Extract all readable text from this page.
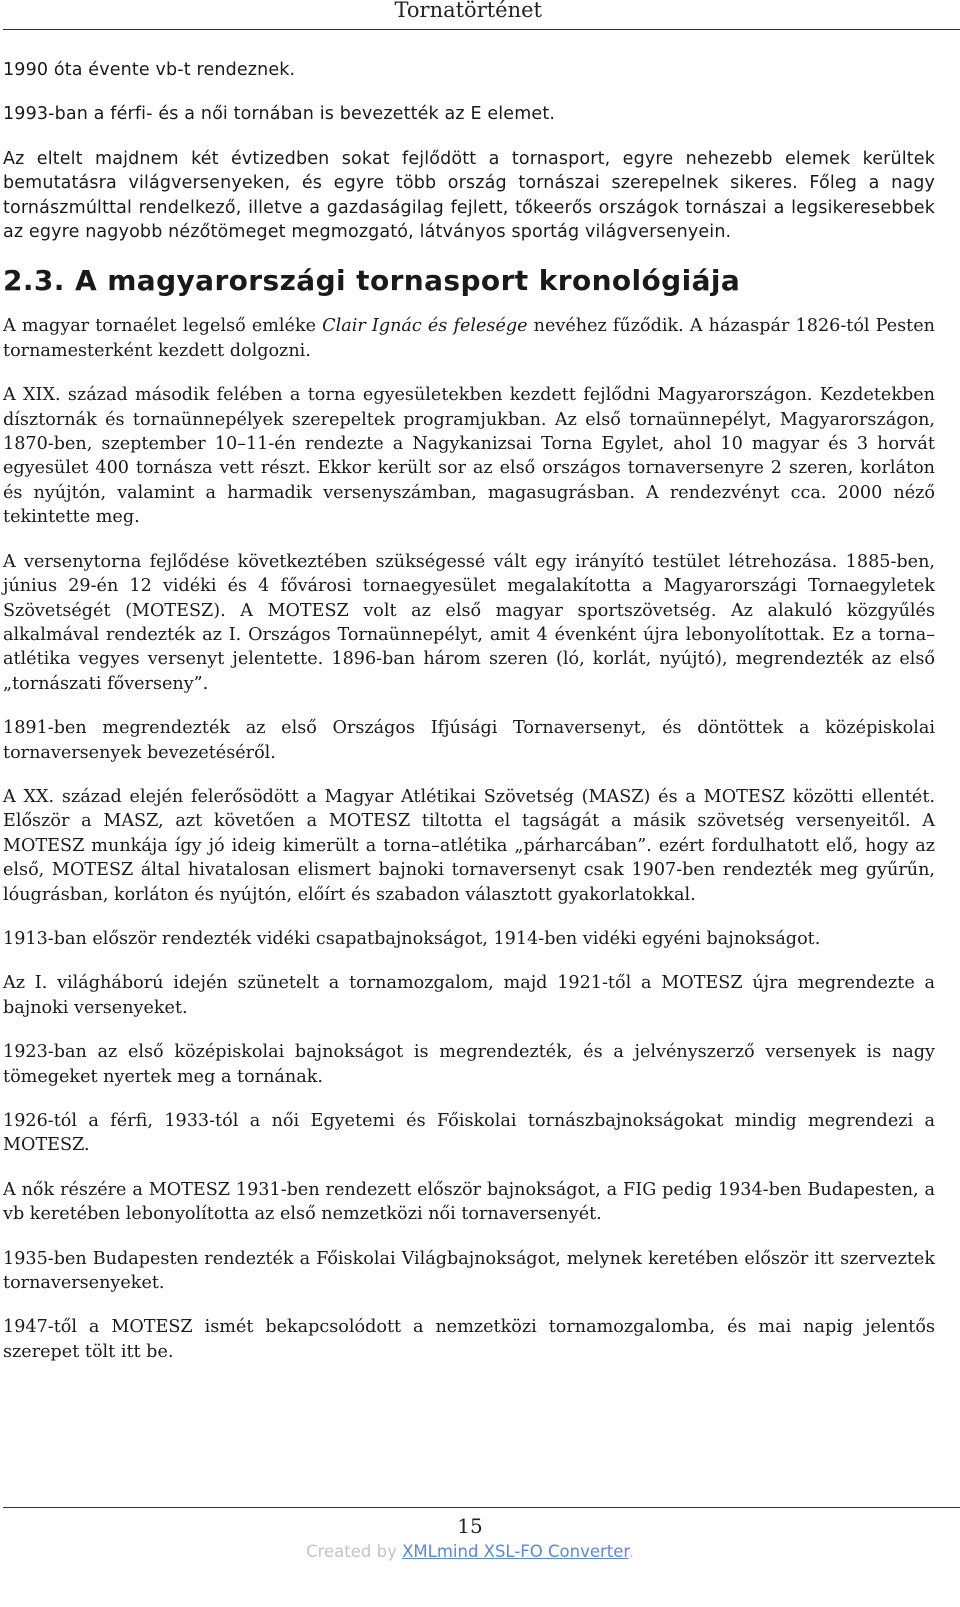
Tornatörténet

1990 óta évente vb-t rendeznek.

1993-ban a férfi- és a női tornában is bevezették az E elemet.

Az eltelt majdnem két évtizedben sokat fejlődött a tornasport, egyre nehezebb elemek kerültek bemutatásra világversenyeken, és egyre több ország tornászai szerepelnek sikeres. Főleg a nagy tornászmúlttal rendelkező, illetve a gazdaságilag fejlett, tőkeerős országok tornászai a legsikeresebbek az egyre nagyobb nézőtömeget megmozgató, látványos sportág világversenyein.

2.3. A magyarországi tornasport kronológiája

A magyar tornaélet legelső emléke Clair Ignác és felesége nevéhez fűződik. A házaspár 1826-tól Pesten tornamesterként kezdett dolgozni.

A XIX. század második felében a torna egyesületekben kezdett fejlődni Magyarországon. Kezdetekben dísztornák és tornaünnepélyek szerepeltek programjukban. Az első tornaünnepélyt, Magyarországon, 1870-ben, szeptember 10–11-én rendezte a Nagykanizsai Torna Egylet, ahol 10 magyar és 3 horvát egyesület 400 tornásza vett részt. Ekkor került sor az első országos tornaversenyre 2 szeren, korláton és nyújtón, valamint a harmadik versenyszámban, magasugrásban. A rendezvényt cca. 2000 néző tekintette meg.

A versenytorna fejlődése következtében szükségessé vált egy irányító testület létrehozása. 1885-ben, június 29-én 12 vidéki és 4 fővárosi tornaegyesület megalakította a Magyarországi Tornaegyletek Szövetségét (MOTESZ). A MOTESZ volt az első magyar sportszövetség. Az alakuló közgyűlés alkalmával rendezték az I. Országos Tornaünnepélyt, amit 4 évenként újra lebonyolítottak. Ez a torna–atlétika vegyes versenyt jelentette. 1896-ban három szeren (ló, korlát, nyújtó), megrendezték az első „tornászati főverseny”.

1891-ben megrendezték az első Országos Ifjúsági Tornaversenyt, és döntöttek a középiskolai tornaversenyek bevezetéséről.

A XX. század elején felerősödött a Magyar Atlétikai Szövetség (MASZ) és a MOTESZ közötti ellentét. Először a MASZ, azt követően a MOTESZ tiltotta el tagságát a másik szövetség versenyeitől. A MOTESZ munkája így jó ideig kimerült a torna–atlétika „párharcában”. ezért fordulhatott elő, hogy az első, MOTESZ által hivatalosan elismert bajnoki tornaversenyt csak 1907-ben rendezték meg gyűrűn, lóugrásban, korláton és nyújtón, előírt és szabadon választott gyakorlatokkal.

1913-ban először rendezték vidéki csapatbajnokságot, 1914-ben vidéki egyéni bajnokságot.

Az I. világháború idején szünetelt a tornamozgalom, majd 1921-től a MOTESZ újra megrendezte a bajnoki versenyeket.

1923-ban az első középiskolai bajnokságot is megrendezték, és a jelvényszerző versenyek is nagy tömegeket nyertek meg a tornának.

1926-tól a férfi, 1933-tól a női Egyetemi és Főiskolai tornászbajnokságokat mindig megrendezi a MOTESZ.

A nők részére a MOTESZ 1931-ben rendezett először bajnokságot, a FIG pedig 1934-ben Budapesten, a vb keretében lebonyolította az első nemzetközi női tornaversenyét.

1935-ben Budapesten rendezték a Főiskolai Világbajnokságot, melynek keretében először itt szerveztek tornaversenyeket.

1947-től a MOTESZ ismét bekapcsolódott a nemzetközi tornamozgalomba, és mai napig jelentős szerepet tölt itt be.

15
Created by XMLmind XSL-FO Converter.
